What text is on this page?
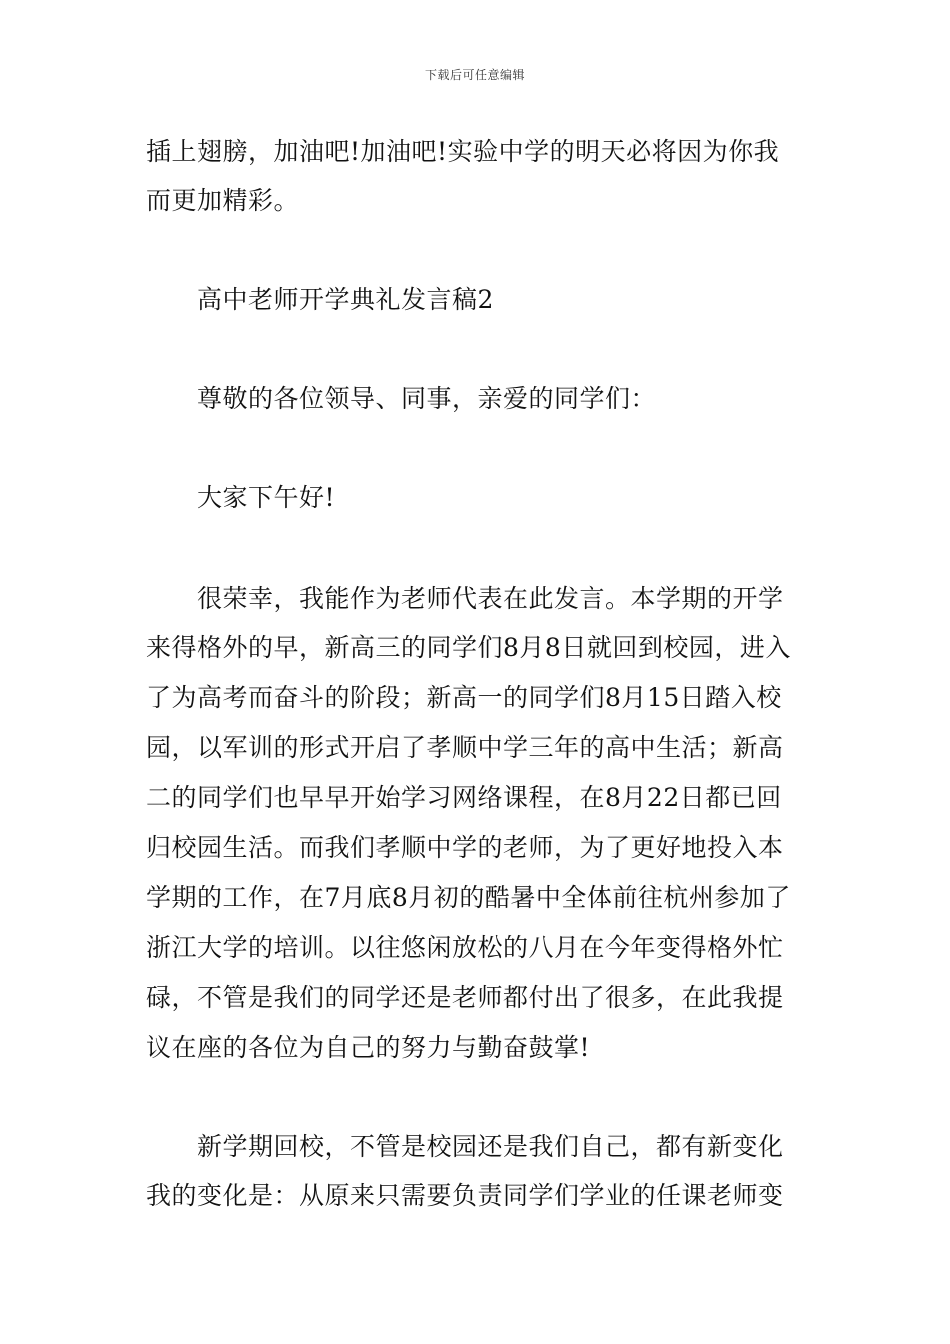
下载后可任意编辑
插上翅膀，加油吧!加油吧!实验中学的明天必将因为你我
而更加精彩。
　　高中老师开学典礼发言稿2
　　尊敬的各位领导、同事，亲爱的同学们：
　　大家下午好!
　　很荣幸，我能作为老师代表在此发言。本学期的开学
来得格外的早，新高三的同学们8月8日就回到校园，进入
了为高考而奋斗的阶段；新高一的同学们8月15日踏入校
园，以军训的形式开启了孝顺中学三年的高中生活；新高
二的同学们也早早开始学习网络课程，在8月22日都已回
归校园生活。而我们孝顺中学的老师，为了更好地投入本
学期的工作，在7月底8月初的酷暑中全体前往杭州参加了
浙江大学的培训。以往悠闲放松的八月在今年变得格外忙
碌，不管是我们的同学还是老师都付出了很多，在此我提
议在座的各位为自己的努力与勤奋鼓掌!
　　新学期回校，不管是校园还是我们自己，都有新变化
我的变化是：从原来只需要负责同学们学业的任课老师变
